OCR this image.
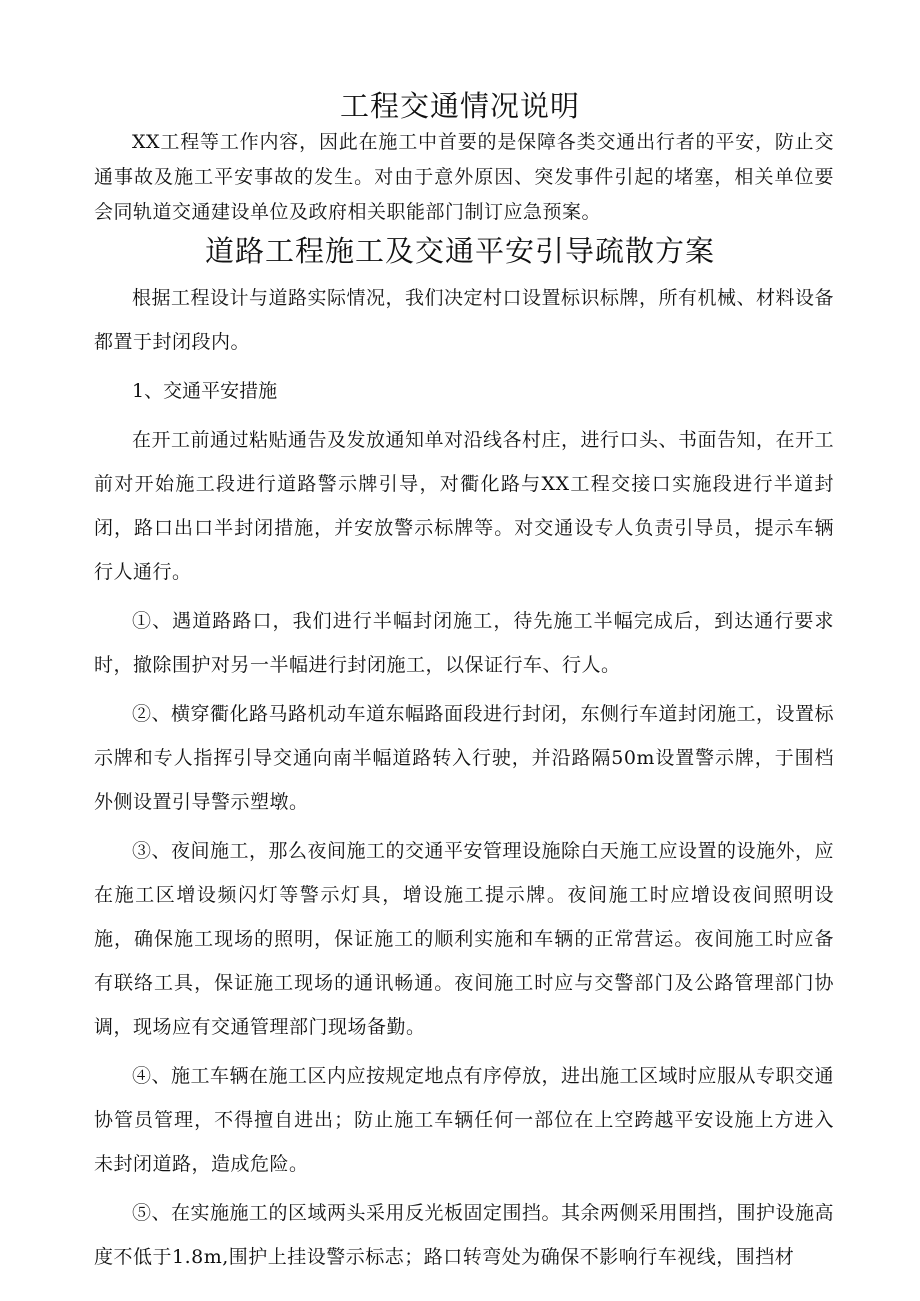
工程交通情况说明

XX工程等工作内容，因此在施工中首要的是保障各类交通出行者的平安，防止交通事故及施工平安事故的发生。对由于意外原因、突发事件引起的堵塞，相关单位要会同轨道交通建设单位及政府相关职能部门制订应急预案。

道路工程施工及交通平安引导疏散方案

根据工程设计与道路实际情况，我们决定村口设置标识标牌，所有机械、材料设备都置于封闭段内。

1、交通平安措施

在开工前通过粘贴通告及发放通知单对沿线各村庄，进行口头、书面告知，在开工前对开始施工段进行道路警示牌引导，对衢化路与XX工程交接口实施段进行半道封闭，路口出口半封闭措施，并安放警示标牌等。对交通设专人负责引导员，提示车辆行人通行。

①、遇道路路口，我们进行半幅封闭施工，待先施工半幅完成后，到达通行要求时，撤除围护对另一半幅进行封闭施工，以保证行车、行人。

②、横穿衢化路马路机动车道东幅路面段进行封闭，东侧行车道封闭施工，设置标示牌和专人指挥引导交通向南半幅道路转入行驶，并沿路隔50m设置警示牌，于围档外侧设置引导警示塑墩。

③、夜间施工，那么夜间施工的交通平安管理设施除白天施工应设置的设施外，应在施工区增设频闪灯等警示灯具，增设施工提示牌。夜间施工时应增设夜间照明设施，确保施工现场的照明，保证施工的顺利实施和车辆的正常营运。夜间施工时应备有联络工具，保证施工现场的通讯畅通。夜间施工时应与交警部门及公路管理部门协调，现场应有交通管理部门现场备勤。

④、施工车辆在施工区内应按规定地点有序停放，进出施工区域时应服从专职交通协管员管理，不得擅自进出；防止施工车辆任何一部位在上空跨越平安设施上方进入未封闭道路，造成危险。

⑤、在实施施工的区域两头采用反光板固定围挡。其余两侧采用围挡，围护设施高度不低于1.8m,围护上挂设警示标志；路口转弯处为确保不影响行车视线，围挡材
